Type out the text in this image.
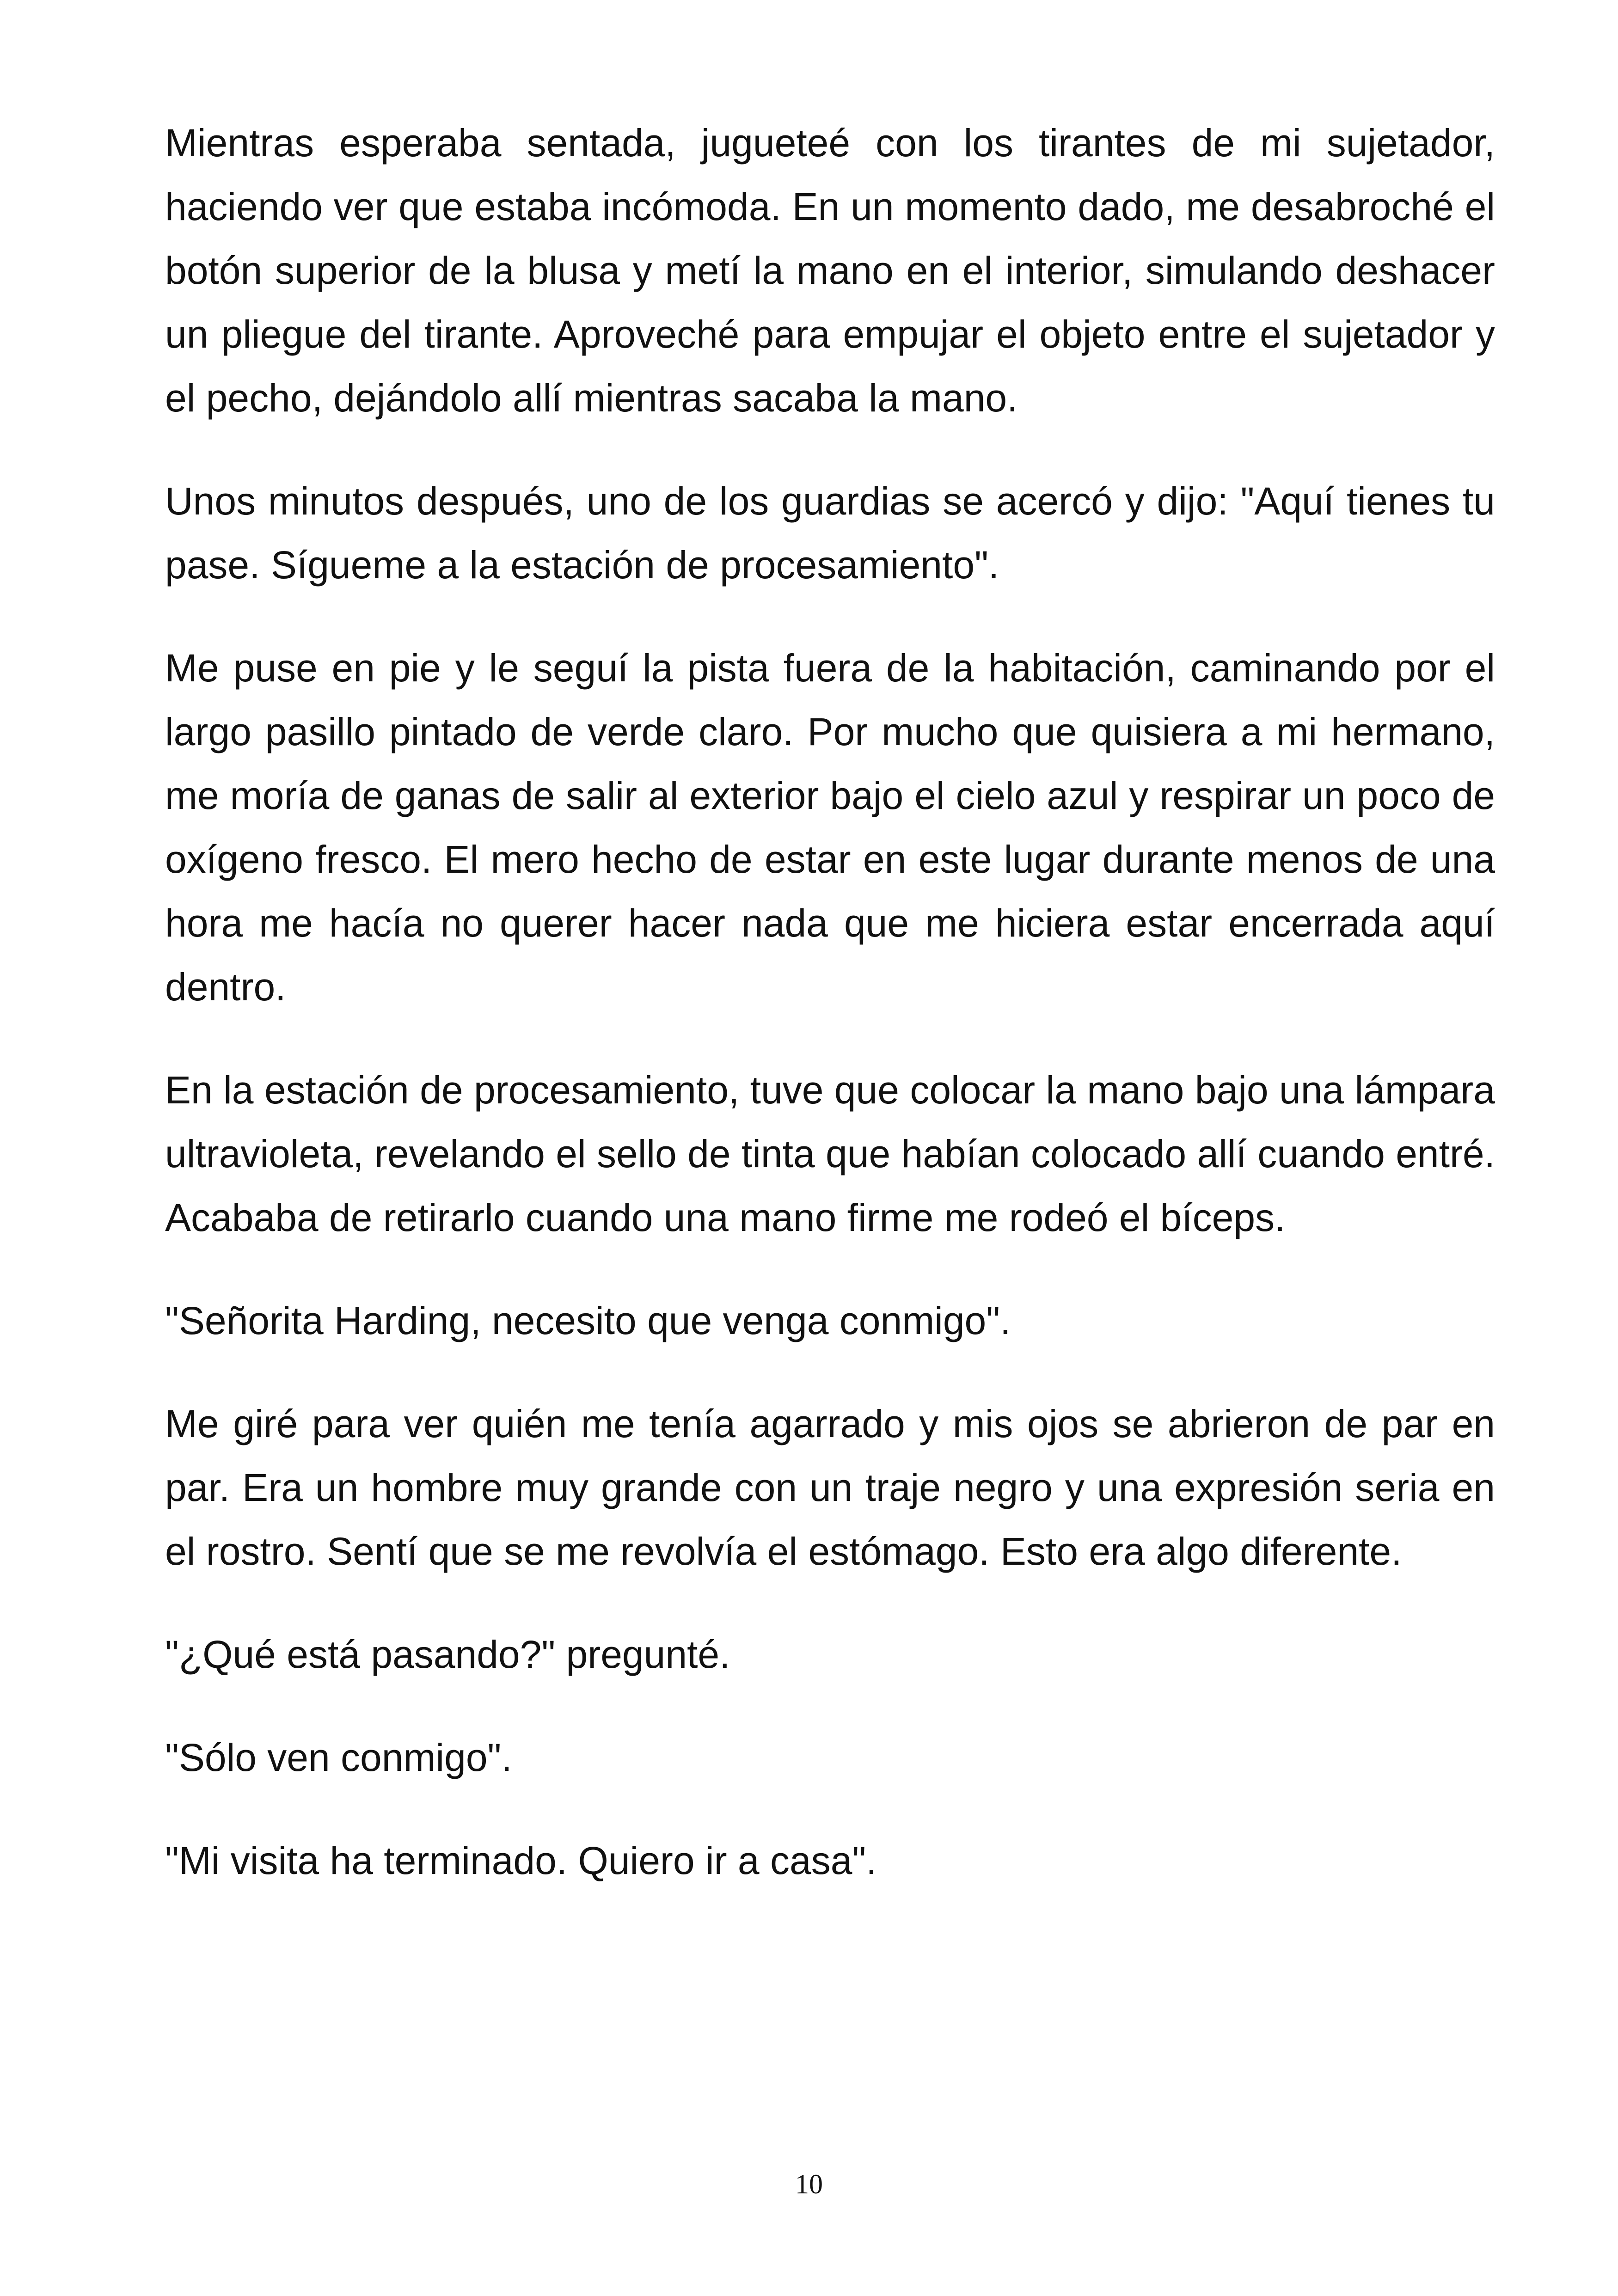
Mientras esperaba sentada, jugueteé con los tirantes de mi sujetador, haciendo ver que estaba incómoda. En un momento dado, me desabroché el botón superior de la blusa y metí la mano en el interior, simulando deshacer un pliegue del tirante. Aproveché para empujar el objeto entre el sujetador y el pecho, dejándolo allí mientras sacaba la mano.

Unos minutos después, uno de los guardias se acercó y dijo: "Aquí tienes tu pase. Sígueme a la estación de procesamiento".

Me puse en pie y le seguí la pista fuera de la habitación, caminando por el largo pasillo pintado de verde claro. Por mucho que quisiera a mi hermano, me moría de ganas de salir al exterior bajo el cielo azul y respirar un poco de oxígeno fresco. El mero hecho de estar en este lugar durante menos de una hora me hacía no querer hacer nada que me hiciera estar encerrada aquí dentro.

En la estación de procesamiento, tuve que colocar la mano bajo una lámpara ultravioleta, revelando el sello de tinta que habían colocado allí cuando entré. Acababa de retirarlo cuando una mano firme me rodeó el bíceps.

"Señorita Harding, necesito que venga conmigo".

Me giré para ver quién me tenía agarrado y mis ojos se abrieron de par en par. Era un hombre muy grande con un traje negro y una expresión seria en el rostro. Sentí que se me revolvía el estómago. Esto era algo diferente.

"¿Qué está pasando?" pregunté.

"Sólo ven conmigo".

"Mi visita ha terminado. Quiero ir a casa".

10
